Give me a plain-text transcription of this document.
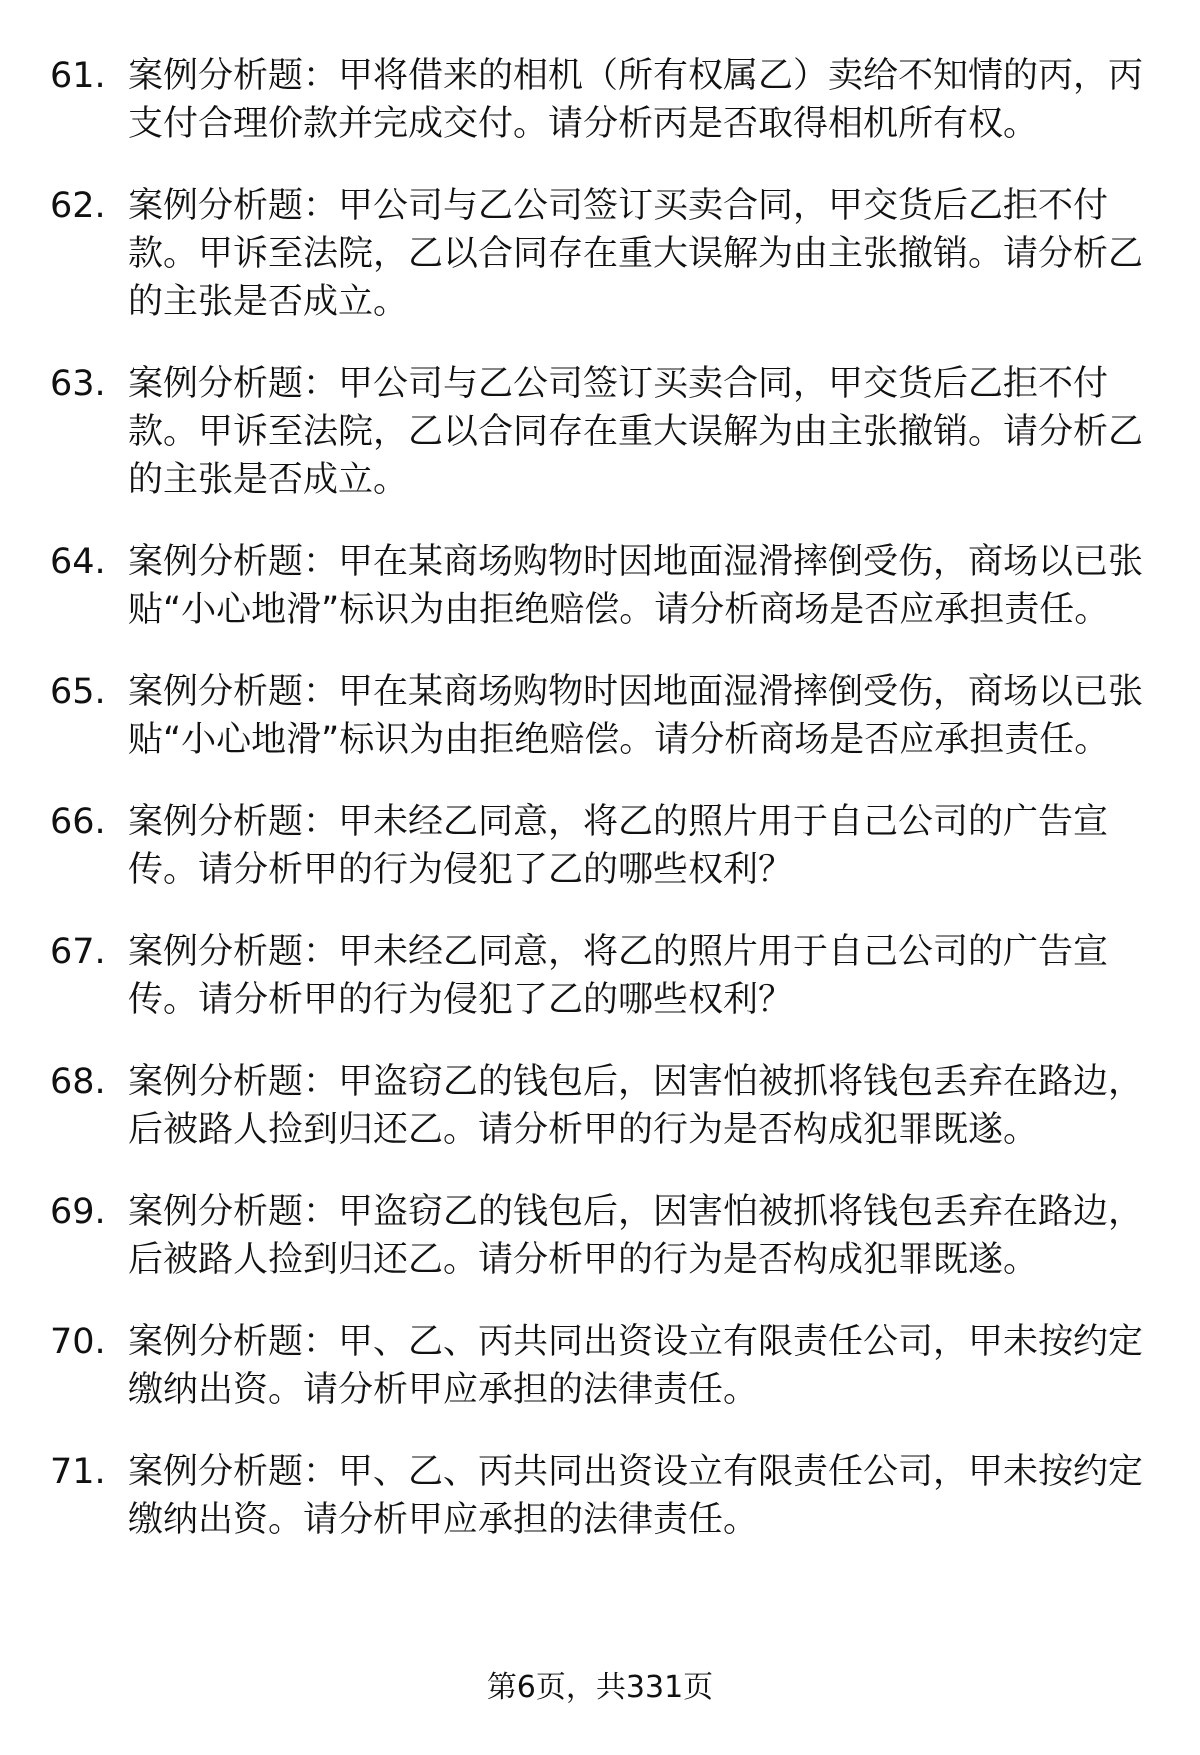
61. 案例分析题：甲将借来的相机（所有权属乙）卖给不知情的丙，丙支付合理价款并完成交付。请分析丙是否取得相机所有权。
62. 案例分析题：甲公司与乙公司签订买卖合同，甲交货后乙拒不付款。甲诉至法院，乙以合同存在重大误解为由主张撤销。请分析乙的主张是否成立。
63. 案例分析题：甲公司与乙公司签订买卖合同，甲交货后乙拒不付款。甲诉至法院，乙以合同存在重大误解为由主张撤销。请分析乙的主张是否成立。
64. 案例分析题：甲在某商场购物时因地面湿滑摔倒受伤，商场以已张贴“小心地滑”标识为由拒绝赔偿。请分析商场是否应承担责任。
65. 案例分析题：甲在某商场购物时因地面湿滑摔倒受伤，商场以已张贴“小心地滑”标识为由拒绝赔偿。请分析商场是否应承担责任。
66. 案例分析题：甲未经乙同意，将乙的照片用于自己公司的广告宣传。请分析甲的行为侵犯了乙的哪些权利？
67. 案例分析题：甲未经乙同意，将乙的照片用于自己公司的广告宣传。请分析甲的行为侵犯了乙的哪些权利？
68. 案例分析题：甲盗窃乙的钱包后，因害怕被抓将钱包丢弃在路边，后被路人捡到归还乙。请分析甲的行为是否构成犯罪既遂。
69. 案例分析题：甲盗窃乙的钱包后，因害怕被抓将钱包丢弃在路边，后被路人捡到归还乙。请分析甲的行为是否构成犯罪既遂。
70. 案例分析题：甲、乙、丙共同出资设立有限责任公司，甲未按约定缴纳出资。请分析甲应承担的法律责任。
71. 案例分析题：甲、乙、丙共同出资设立有限责任公司，甲未按约定缴纳出资。请分析甲应承担的法律责任。
第6页，共331页
